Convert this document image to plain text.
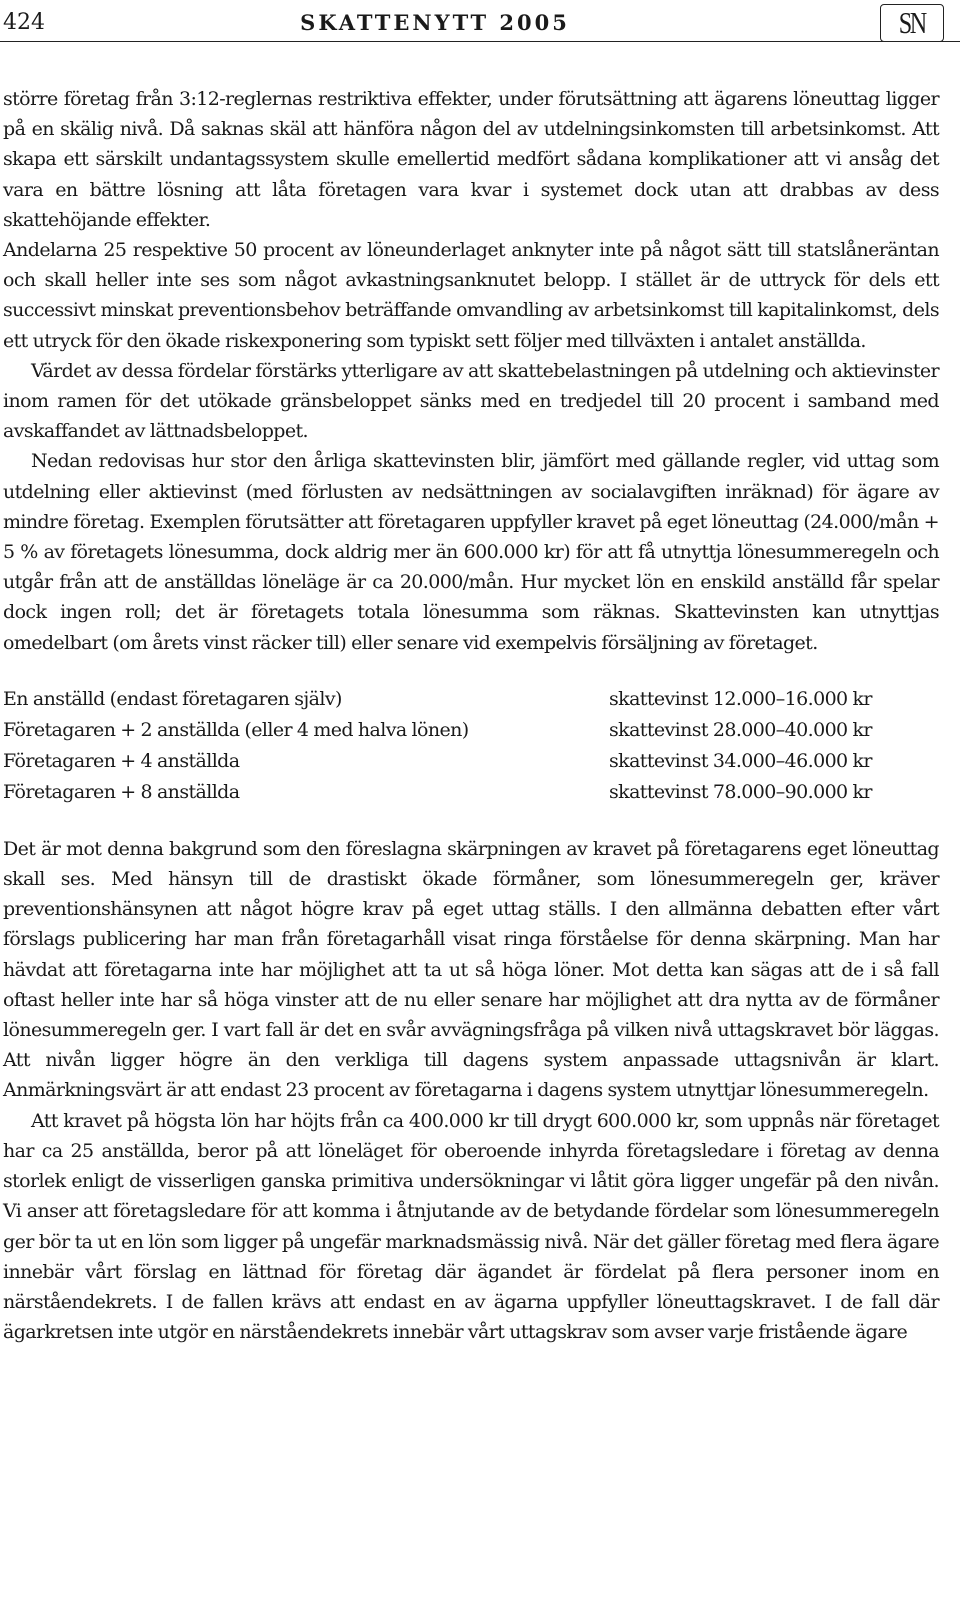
424	SKATTENYTT 2005	SN

större företag från 3:12-reglernas restriktiva effekter, under förutsättning att ägarens löneuttag ligger på en skälig nivå. Då saknas skäl att hänföra någon del av utdelningsinkomsten till arbetsinkomst. Att skapa ett särskilt undantagssystem skulle emellertid medfört sådana komplikationer att vi ansåg det vara en bättre lösning att låta företagen vara kvar i systemet dock utan att drabbas av dess skattehöjande effekter.

Andelarna 25 respektive 50 procent av löneunderlaget anknyter inte på något sätt till statslåneräntan och skall heller inte ses som något avkastningsanknutet belopp. I stället är de uttryck för dels ett successivt minskat preventionsbehov beträffande omvandling av arbetsinkomst till kapitalinkomst, dels ett utryck för den ökade riskexponering som typiskt sett följer med tillväxten i antalet anställda.

Värdet av dessa fördelar förstärks ytterligare av att skattebelastningen på utdelning och aktievinster inom ramen för det utökade gränsbeloppet sänks med en tredjedel till 20 procent i samband med avskaffandet av lättnadsbeloppet.

Nedan redovisas hur stor den årliga skattevinsten blir, jämfört med gällande regler, vid uttag som utdelning eller aktievinst (med förlusten av nedsättningen av socialavgiften inräknad) för ägare av mindre företag. Exemplen förutsätter att företagaren uppfyller kravet på eget löneuttag (24.000/mån + 5 % av företagets lönesumma, dock aldrig mer än 600.000 kr) för att få utnyttja lönesummeregeln och utgår från att de anställdas löneläge är ca 20.000/mån. Hur mycket lön en enskild anställd får spelar dock ingen roll; det är företagets totala lönesumma som räknas. Skattevinsten kan utnyttjas omedelbart (om årets vinst räcker till) eller senare vid exempelvis försäljning av företaget.

En anställd (endast företagaren själv)	skattevinst 12.000–16.000 kr
Företagaren + 2 anställda (eller 4 med halva lönen)	skattevinst 28.000–40.000 kr
Företagaren + 4 anställda	skattevinst 34.000–46.000 kr
Företagaren + 8 anställda	skattevinst 78.000–90.000 kr

Det är mot denna bakgrund som den föreslagna skärpningen av kravet på företagarens eget löneuttag skall ses. Med hänsyn till de drastiskt ökade förmåner, som lönesummeregeln ger, kräver preventionshänsynen att något högre krav på eget uttag ställs. I den allmänna debatten efter vårt förslags publicering har man från företagarhåll visat ringa förståelse för denna skärpning. Man har hävdat att företagarna inte har möjlighet att ta ut så höga löner. Mot detta kan sägas att de i så fall oftast heller inte har så höga vinster att de nu eller senare har möjlighet att dra nytta av de förmåner lönesummeregeln ger. I vart fall är det en svår avvägningsfråga på vilken nivå uttagskravet bör läggas. Att nivån ligger högre än den verkliga till dagens system anpassade uttagsnivån är klart. Anmärkningsvärt är att endast 23 procent av företagarna i dagens system utnyttjar lönesummeregeln.

Att kravet på högsta lön har höjts från ca 400.000 kr till drygt 600.000 kr, som uppnås när företaget har ca 25 anställda, beror på att löneläget för oberoende inhyrda företagsledare i företag av denna storlek enligt de visserligen ganska primitiva undersökningar vi låtit göra ligger ungefär på den nivån. Vi anser att företagsledare för att komma i åtnjutande av de betydande fördelar som lönesummeregeln ger bör ta ut en lön som ligger på ungefär marknadsmässig nivå. När det gäller företag med flera ägare innebär vårt förslag en lättnad för företag där ägandet är fördelat på flera personer inom en närståendekrets. I de fallen krävs att endast en av ägarna uppfyller löneuttagskravet. I de fall där ägarkretsen inte utgör en närståendekrets innebär vårt uttagskrav som avser varje fristående ägare
